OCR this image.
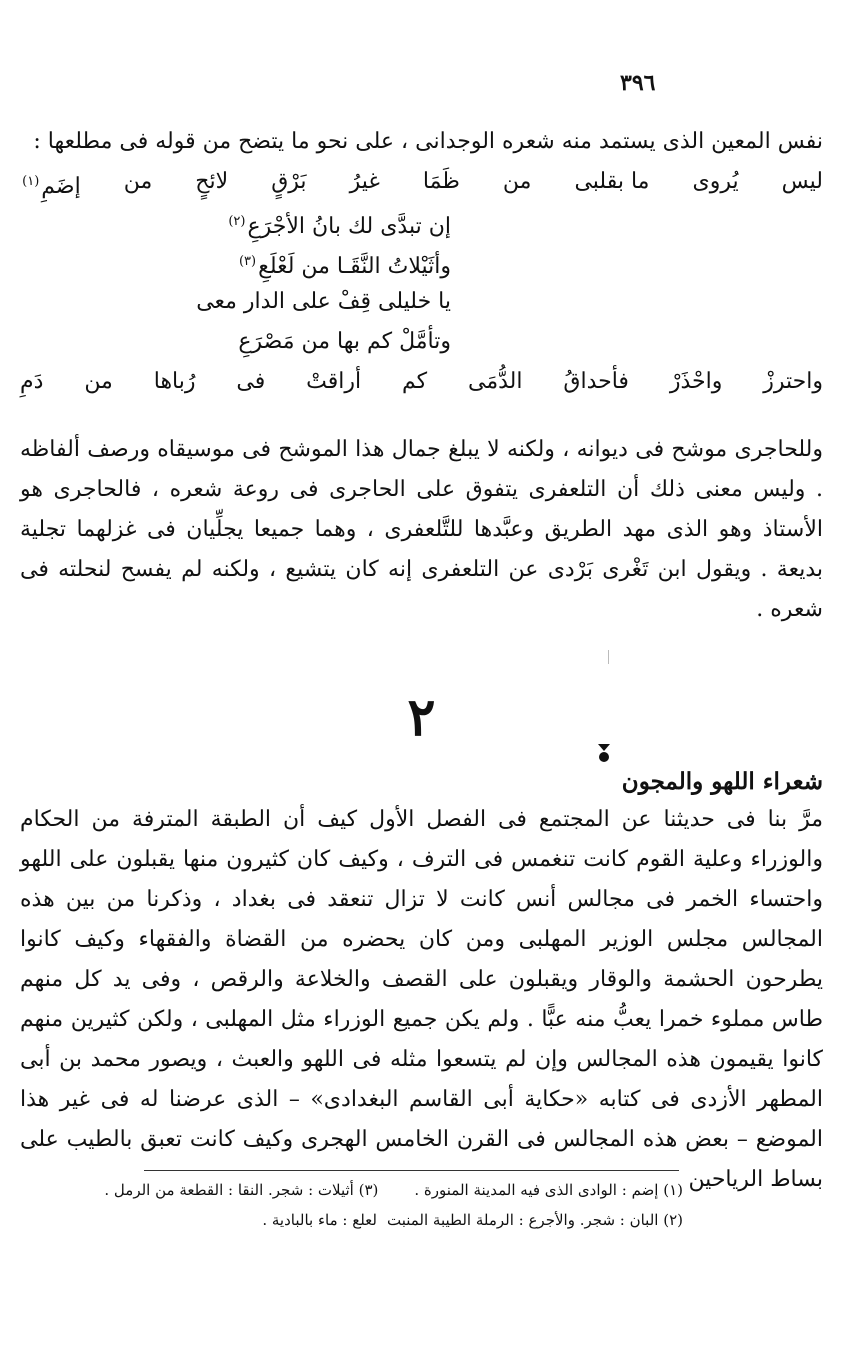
٣٩٦

نفس المعين الذى يستمد منه شعره الوجدانى ، على نحو ما يتضح من قوله فى مطلعها :

ليس
يُروى
ما بقلبى
من
ظَمَا
غيرُ
بَرْقٍ
لائحٍ
من
إضَمِ$^{(١)}$
إن تبدَّى لك بانُ الأجْرَعِ$^{(٢)}$
وأثَيْلاتُ النَّقَـا من لَعْلَعِ$^{(٣)}$
يا خليلى قِفْ على الدار معى
وتأمَّلْ كم بها من مَصْرَعِ
واحترزْ
واحْذَرْ
فأحداقُ
الدُّمَى
كم
أراقتْ
فى
رُباها
من
دَمِ

وللحاجرى موشح فى ديوانه ، ولكنه لا يبلغ جمال هذا الموشح فى موسيقاه ورصف ألفاظه . وليس معنى ذلك أن التلعفرى يتفوق على الحاجرى فى روعة شعره ، فالحاجرى هو الأستاذ وهو الذى مهد الطريق وعبَّدها للتَّلعفرى ، وهما جميعا يجلِّيان فى غزلهما تجلية بديعة . ويقول ابن تَغْرى بَرْدى عن التلعفرى إنه كان يتشيع ، ولكنه لم يفسح لنحلته فى شعره .

٢
شعراء اللهو والمجون

مرَّ بنا فى حديثنا عن المجتمع فى الفصل الأول كيف أن الطبقة المترفة من الحكام والوزراء وعلية القوم كانت تنغمس فى الترف ، وكيف كان كثيرون منها يقبلون على اللهو واحتساء الخمر فى مجالس أنس كانت لا تزال تنعقد فى بغداد ، وذكرنا من بين هذه المجالس مجلس الوزير المهلبى ومن كان يحضره من القضاة والفقهاء وكيف كانوا يطرحون الحشمة والوقار ويقبلون على القصف والخلاعة والرقص ، وفى يد كل منهم طاس مملوء خمرا يعبُّ منه عبًّا . ولم يكن جميع الوزراء مثل المهلبى ، ولكن كثيرين منهم كانوا يقيمون هذه المجالس وإن لم يتسعوا مثله فى اللهو والعبث ، ويصور محمد بن أبى المطهر الأزدى فى كتابه «حكاية أبى القاسم البغدادى» – الذى عرضنا له فى غير هذا الموضع – بعض هذه المجالس فى القرن الخامس الهجرى وكيف كانت تعبق بالطيب على بساط الرياحين

(١) إضم : الوادى الذى فيه المدينة المنورة .
(٣) أثيلات : شجر. النقا : القطعة من الرمل .
(٢) البان : شجر. والأجرع : الرملة الطيبة المنبت
لعلع : ماء بالبادية .
